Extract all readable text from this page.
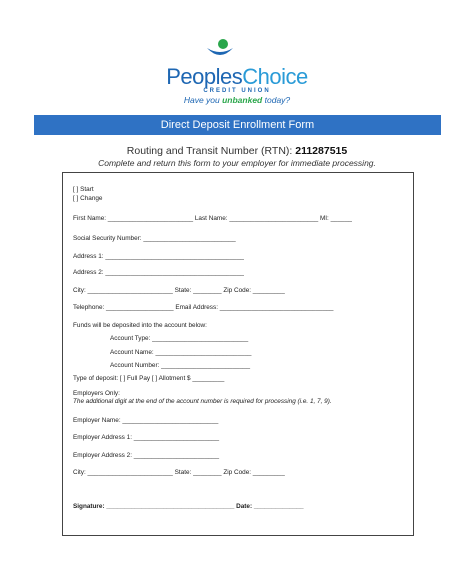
PeoplesChoice
CREDIT UNION
Have you unbanked today?
Direct Deposit Enrollment Form
Routing and Transit Number (RTN): 211287515
Complete and return this form to your employer for immediate processing.
[ ] Start
[ ] Change
First Name: ________________________ Last Name: _________________________ MI: ______
Social Security Number: __________________________
Address 1: _______________________________________
Address 2: _______________________________________
City: ________________________ State: ________ Zip Code: _________
Telephone: ___________________ Email Address: ________________________________
Funds will be deposited into the account below:
Account Type: ___________________________
Account Name: ___________________________
Account Number: _________________________
Type of deposit: [ ] Full Pay [ ] Allotment $ _________
Employers Only:
The additional digit at the end of the account number is required for processing (i.e. 1, 7, 9).
Employer Name: ___________________________
Employer Address 1: ________________________
Employer Address 2: ________________________
City: ________________________ State: ________ Zip Code: _________
Signature: ____________________________________ Date: ______________
